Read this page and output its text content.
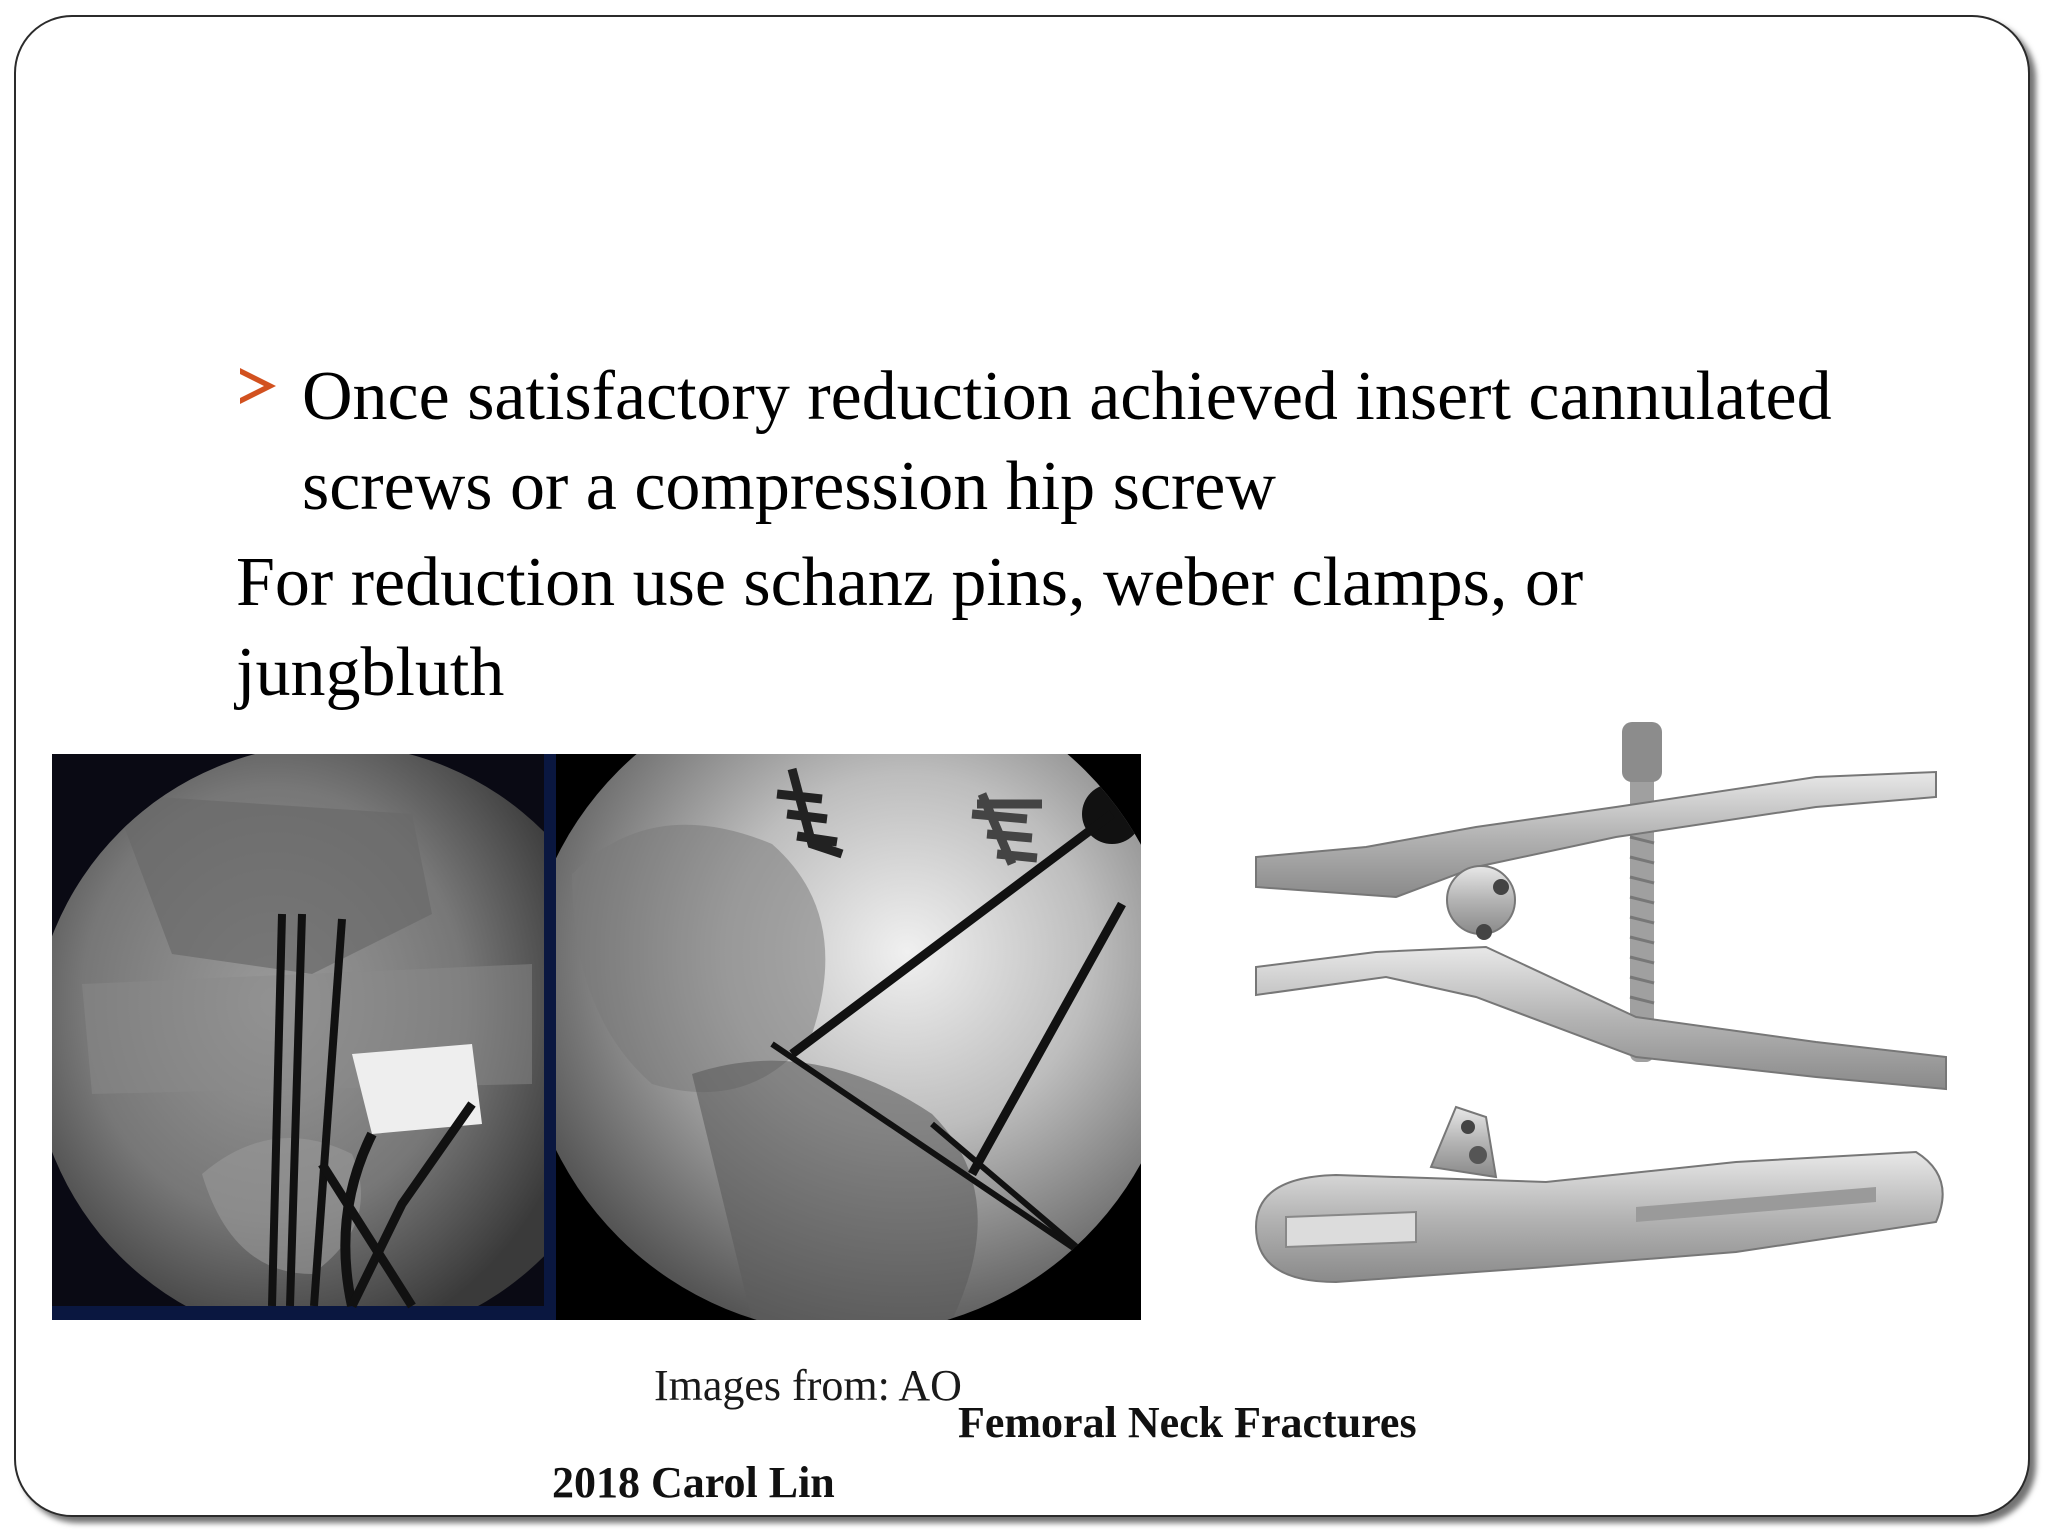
Once satisfactory reduction achieved insert cannulated
screws or a compression hip screw
For reduction use schanz pins, weber clamps, or
jungbluth
Images from: AO
Femoral Neck Fractures
2018 Carol Lin
